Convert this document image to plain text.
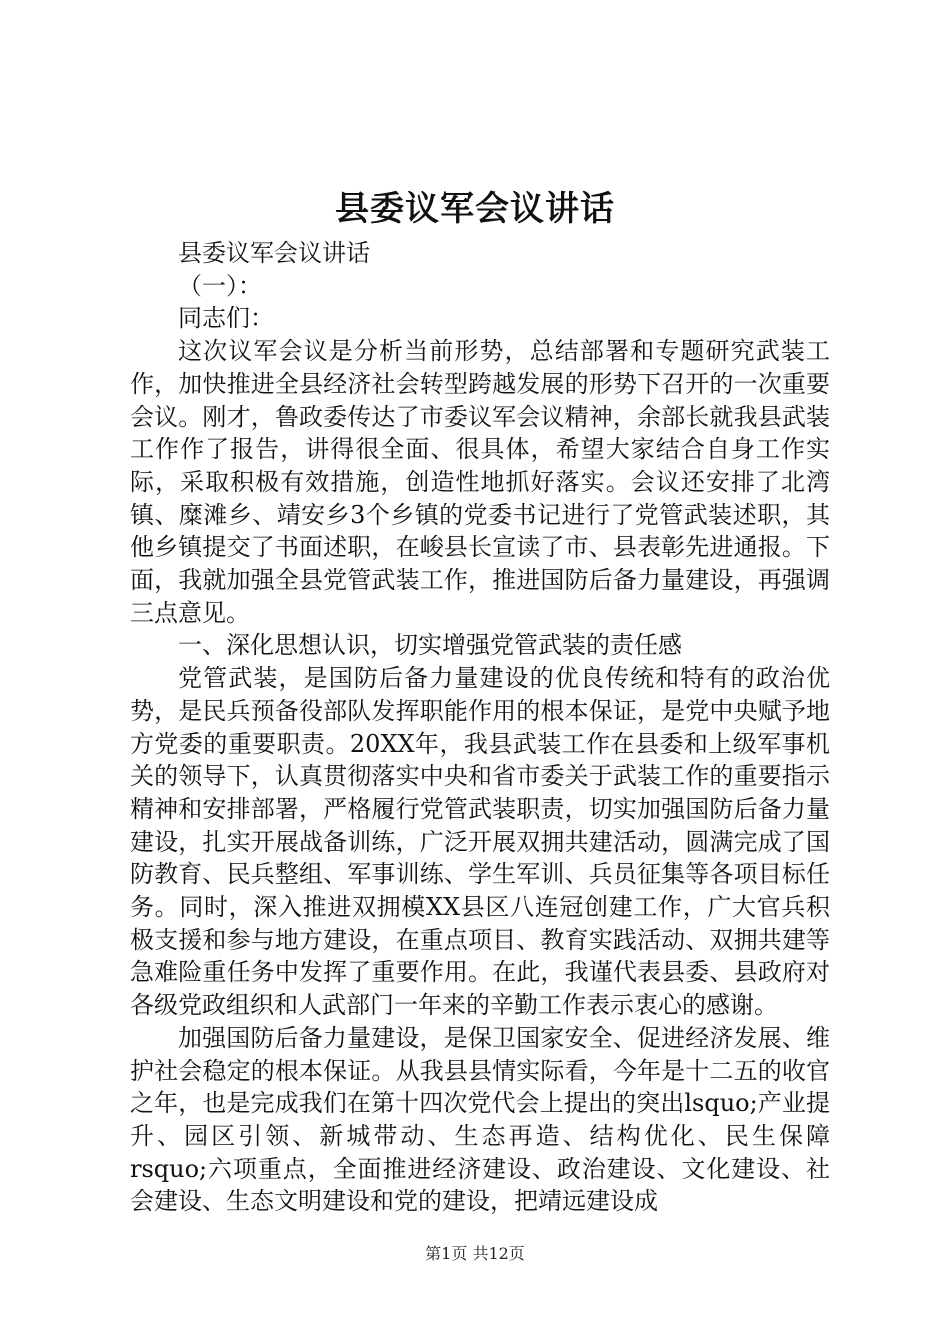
县委议军会议讲话

县委议军会议讲话

（一）：

同志们：

这次议军会议是分析当前形势，总结部署和专题研究武装工作，加快推进全县经济社会转型跨越发展的形势下召开的一次重要会议。刚才，鲁政委传达了市委议军会议精神，余部长就我县武装工作作了报告，讲得很全面、很具体，希望大家结合自身工作实际，采取积极有效措施，创造性地抓好落实。会议还安排了北湾镇、糜滩乡、靖安乡3个乡镇的党委书记进行了党管武装述职，其他乡镇提交了书面述职，在峻县长宣读了市、县表彰先进通报。下面，我就加强全县党管武装工作，推进国防后备力量建设，再强调三点意见。

一、深化思想认识，切实增强党管武装的责任感

党管武装，是国防后备力量建设的优良传统和特有的政治优势，是民兵预备役部队发挥职能作用的根本保证，是党中央赋予地方党委的重要职责。20XX年，我县武装工作在县委和上级军事机关的领导下，认真贯彻落实中央和省市委关于武装工作的重要指示精神和安排部署，严格履行党管武装职责，切实加强国防后备力量建设，扎实开展战备训练，广泛开展双拥共建活动，圆满完成了国防教育、民兵整组、军事训练、学生军训、兵员征集等各项目标任务。同时，深入推进双拥模XX县区八连冠创建工作，广大官兵积极支援和参与地方建设，在重点项目、教育实践活动、双拥共建等急难险重任务中发挥了重要作用。在此，我谨代表县委、县政府对各级党政组织和人武部门一年来的辛勤工作表示衷心的感谢。

加强国防后备力量建设，是保卫国家安全、促进经济发展、维护社会稳定的根本保证。从我县县情实际看，今年是十二五的收官之年，也是完成我们在第十四次党代会上提出的突出lsquo;产业提升、园区引领、新城带动、生态再造、结构优化、民生保障rsquo;六项重点，全面推进经济建设、政治建设、文化建设、社会建设、生态文明建设和党的建设，把靖远建设成

第1页 共12页
